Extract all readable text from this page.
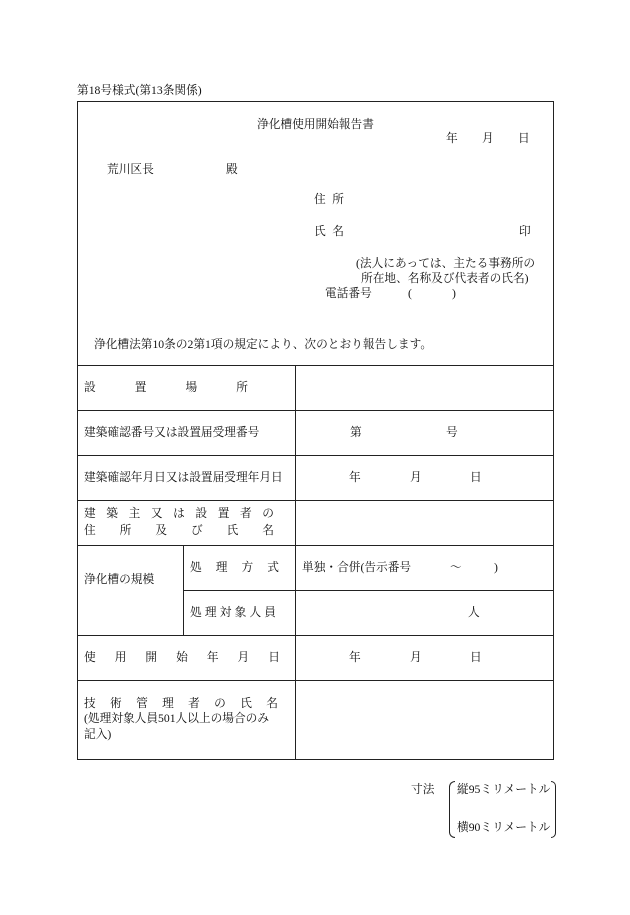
第18号様式(第13条関係)
浄化槽使用開始報告書
年 月 日
荒川区長	殿
住 所
氏 名	印
(法人にあっては、主たる事務所の
所在地、名称及び代表者の氏名)
電話番号	(	)
浄化槽法第10条の2第1項の規定により、次のとおり報告します。
設	置	場	所
建築確認番号又は設置届受理番号	第	号
建築確認年月日又は設置届受理年月日	年	月	日
建 築 主 又 は 設 置 者 の
住 所 及 び 氏 名
浄化槽の規模
処 理 方 式 単独・合併(告示番号	～	)
処 理 対 象 人 員	人
使 用 開 始 年 月 日	年	月	日
技 術 管 理 者 の 氏 名
(処理対象人員501人以上の場合のみ
記入)
寸法 縦95ミリメートル
横90ミリメートル
